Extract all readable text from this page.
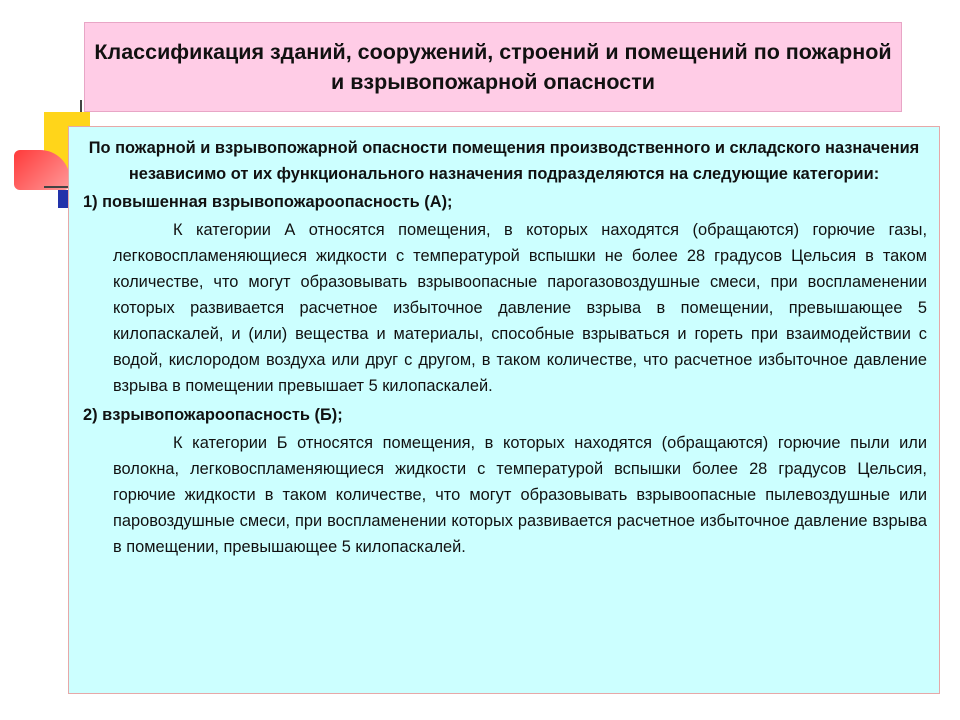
Классификация зданий, сооружений, строений и помещений по пожарной и взрывопожарной опасности

По пожарной и взрывопожарной опасности помещения производственного и складского назначения независимо от их функционального назначения подразделяются на следующие категории:

1) повышенная взрывопожароопасность (А);

К категории А относятся помещения, в которых находятся (обращаются) горючие газы, легковоспламеняющиеся жидкости с температурой вспышки не более 28 градусов Цельсия в таком количестве, что могут образовывать взрывоопасные парогазовоздушные смеси, при воспламенении которых развивается расчетное избыточное давление взрыва в помещении, превышающее 5 килопаскалей, и (или) вещества и материалы, способные взрываться и гореть при взаимодействии с водой, кислородом воздуха или друг с другом, в таком количестве, что расчетное избыточное давление взрыва в помещении превышает 5 килопаскалей.

2) взрывопожароопасность (Б);

К категории Б относятся помещения, в которых находятся (обращаются) горючие пыли или волокна, легковоспламеняющиеся жидкости с температурой вспышки более 28 градусов Цельсия, горючие жидкости в таком количестве, что могут образовывать взрывоопасные пылевоздушные или паровоздушные смеси, при воспламенении которых развивается расчетное избыточное давление взрыва в помещении, превышающее 5 килопаскалей.
